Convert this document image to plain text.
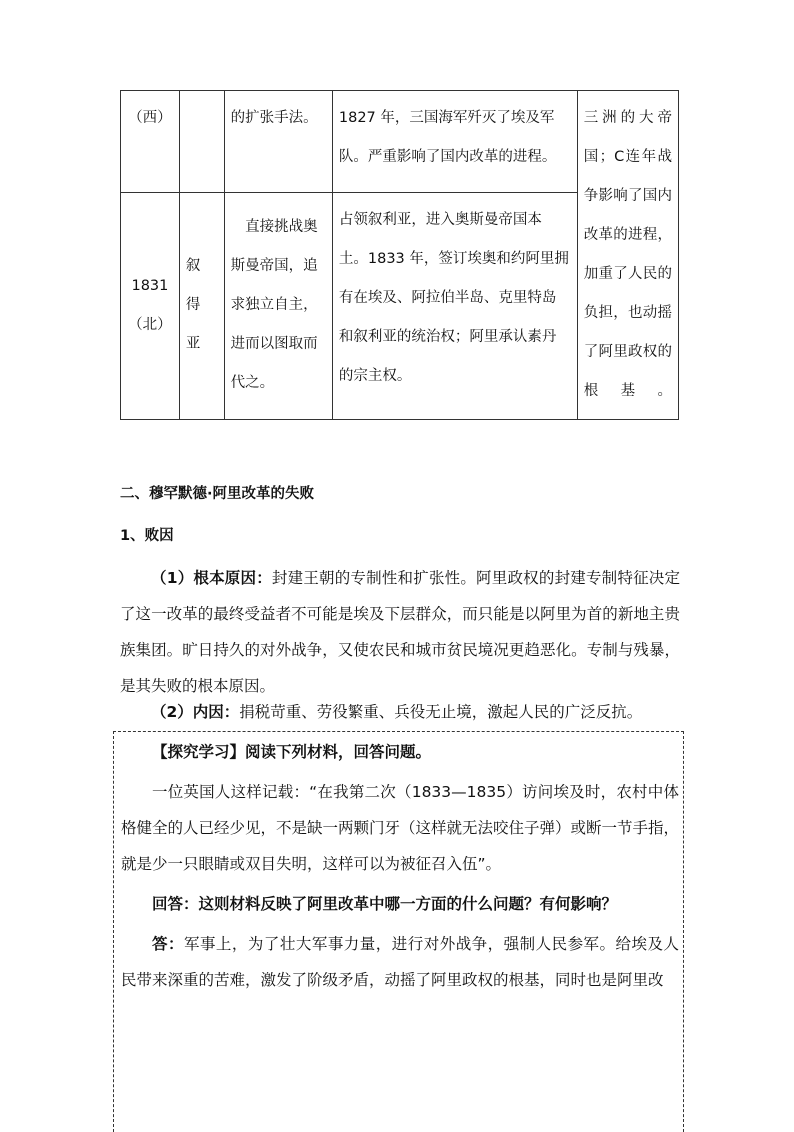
（西）		的扩张手法。	1827 年，三国海军歼灭了埃及军队。严重影响了国内改革的进程。	三洲的大帝国；C连年战争影响了国内改革的进程，加重了人民的负担，也动摇了阿里政权的根基。
1831（北）	叙 得 亚	直接挑战奥斯曼帝国，追求独立自主，进而以图取而代之。	占领叙利亚，进入奥斯曼帝国本土。1833 年，签订埃奥和约阿里拥有在埃及、阿拉伯半岛、克里特岛和叙利亚的统治权；阿里承认素丹的宗主权。	
二、穆罕默德·阿里改革的失败
1、败因
（1）根本原因：封建王朝的专制性和扩张性。阿里政权的封建专制特征决定了这一改革的最终受益者不可能是埃及下层群众，而只能是以阿里为首的新地主贵族集团。旷日持久的对外战争，又使农民和城市贫民境况更趋恶化。专制与残暴，是其失败的根本原因。
（2）内因：捐税苛重、劳役繁重、兵役无止境，激起人民的广泛反抗。

【探究学习】阅读下列材料，回答问题。

一位英国人这样记载：“在我第二次（1833—1835）访问埃及时，农村中体格健全的人已经少见，不是缺一两颗门牙（这样就无法咬住子弹）或断一节手指，就是少一只眼睛或双目失明，这样可以为被征召入伍”。

回答：这则材料反映了阿里改革中哪一方面的什么问题？有何影响？

答：军事上，为了壮大军事力量，进行对外战争，强制人民参军。给埃及人民带来深重的苦难，激发了阶级矛盾，动摇了阿里政权的根基，同时也是阿里改
